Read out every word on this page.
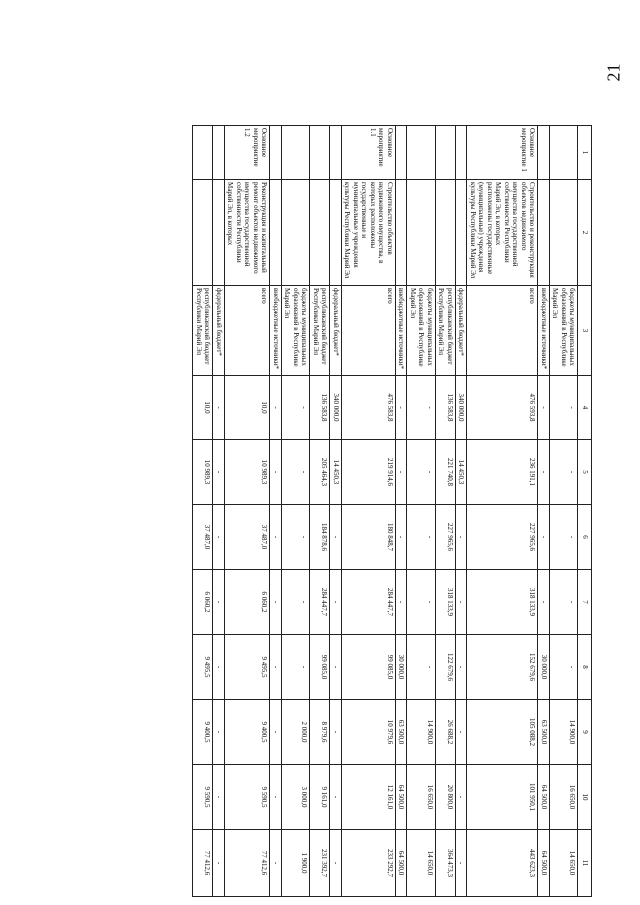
21
1	2	3	4	5	6	7	8	9	10	11
		бюджеты муниципальных образований в Республике Марий Эл	-	-	-	-	-	14 900,0	16 650,0	14 650,0
		внебюджетные источники*	-	-	-	-	30 000,0	63 500,0	64 500,0	64 500,0
Основное мероприятие 1	Строительство и реконструкция объектов недвижимого имущества государственной собственности Республики Марий Эл, в которых расположены государственные (муниципальные) учреждения культуры Республики Марий Эл	всего	476 593,8	236 191,1	227 965,6	318 133,9	152 679,6	105 088,2	101 950,1	443 623,3
		федеральный бюджет*	340 000,0	14 450,3	-	-	-	-	-	-
		республиканский бюджет Республики Марий Эл	136 583,8	221 740,8	227 965,6	318 133,9	122 679,6	26 688,2	20 800,0	364 473,3
		бюджеты муниципальных образований в Республике Марий Эл	-	-	-	-	-	14 900,0	16 650,0	14 650,0
		внебюджетные источники*	-	-	-	-	30 000,0	63 500,0	64 500,0	64 500,0
Основное мероприятие 1.1	Строительство объектов недвижимого имущества, в которых расположены государственные и муниципальные учреждения культуры Республики Марий Эл	всего	476 583,8	219 914,6	180 848,7	284 447,7	99 085,0	10 979,6	12 161,0	233 292,7
		федеральный бюджет*	340 000,0	14 450,3	-	-	-	-	-	-
		республиканский бюджет Республики Марий Эл	136 583,8	205 464,3	184 878,6	284 447,7	99 085,0	8 979,6	9 161,0	231 392,7
		бюджеты муниципальных образований в Республике Марий Эл	-	-	-	-	-	2 000,0	3 000,0	1 900,0
		внебюджетные источники*	-	-	-	-	-	-	-	-
Основное мероприятие 1.2	Реконструкция и капитальный ремонт объектов недвижимого имущества государственной собственности Республики Марий Эл, в которых	всего	10,0	10 989,3	37 487,0	6 060,2	9 495,5	9 400,5	9 590,5	77 412,6
		федеральный бюджет*	-	-	-	-	-	-	-	-
		республиканский бюджет Республики Марий Эл	10,0	10 989,3	37 487,0	6 060,2	9 495,5	9 400,5	9 590,5	77 412,6
